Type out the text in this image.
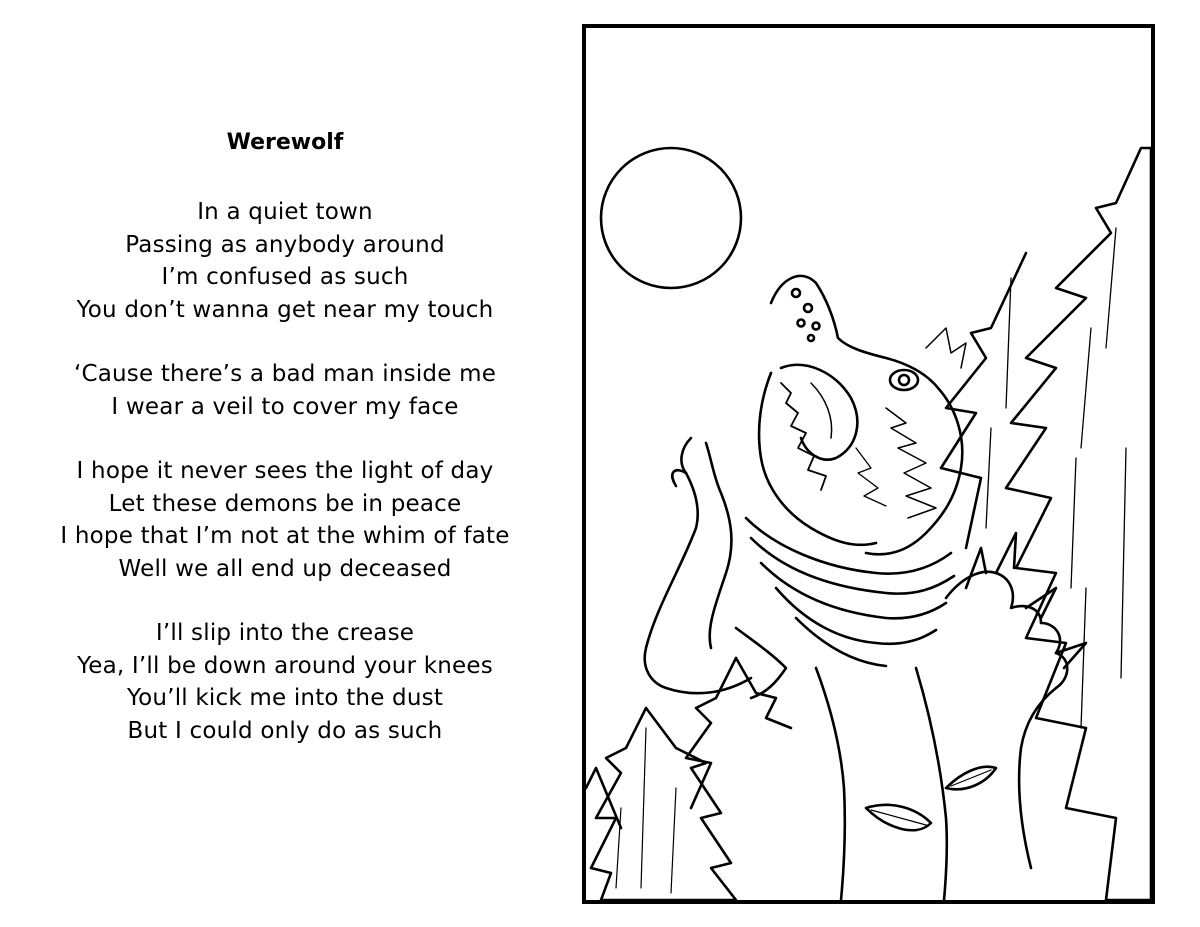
Werewolf
In a quiet town
Passing as anybody around
I’m confused as such
You don’t wanna get near my touch
‘Cause there’s a bad man inside me
I wear a veil to cover my face
I hope it never sees the light of day
Let these demons be in peace
I hope that I’m not at the whim of fate
Well we all end up deceased
I’ll slip into the crease
Yea, I’ll be down around your knees
You’ll kick me into the dust
But I could only do as such
